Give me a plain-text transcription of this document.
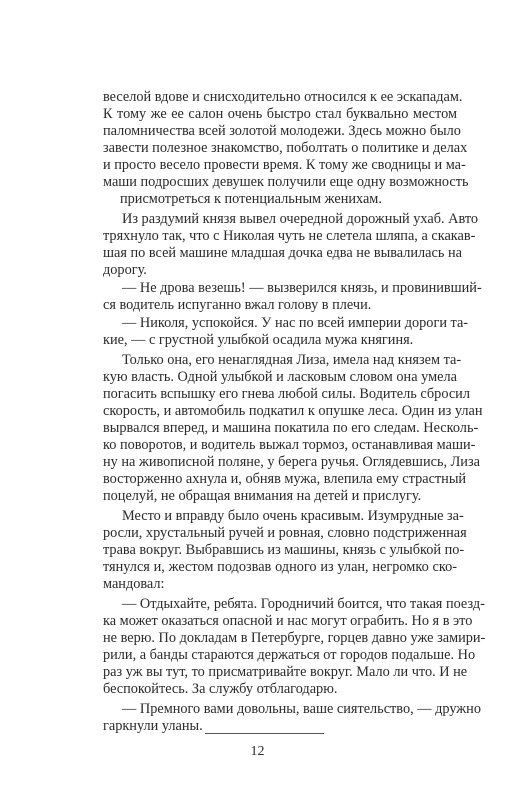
веселой вдове и снисходительно относился к ее эскападам.
К тому же ее салон очень быстро стал буквально местом
паломничества всей золотой молодежи. Здесь можно было
завести полезное знакомство, поболтать о политике и делах
и просто весело провести время. К тому же сводницы и ма-
маши подросших девушек получили еще одну возможность
присмотреться к потенциальным женихам.
Из раздумий князя вывел очередной дорожный ухаб. Авто
тряхнуло так, что с Николая чуть не слетела шляпа, а скакав-
шая по всей машине младшая дочка едва не вывалилась на
дорогу.
— Не дрова везешь! — вызверился князь, и провинивший-
ся водитель испуганно вжал голову в плечи.
— Николя, успокойся. У нас по всей империи дороги та-
кие, — с грустной улыбкой осадила мужа княгиня.
Только она, его ненаглядная Лиза, имела над князем та-
кую власть. Одной улыбкой и ласковым словом она умела
погасить вспышку его гнева любой силы. Водитель сбросил
скорость, и автомобиль подкатил к опушке леса. Один из улан
вырвался вперед, и машина покатила по его следам. Несколь-
ко поворотов, и водитель выжал тормоз, останавливая маши-
ну на живописной поляне, у берега ручья. Оглядевшись, Лиза
восторженно ахнула и, обняв мужа, влепила ему страстный
поцелуй, не обращая внимания на детей и прислугу.
Место и вправду было очень красивым. Изумрудные за-
росли, хрустальный ручей и ровная, словно подстриженная
трава вокруг. Выбравшись из машины, князь с улыбкой по-
тянулся и, жестом подозвав одного из улан, негромко ско-
мандовал:
— Отдыхайте, ребята. Городничий боится, что такая поезд-
ка может оказаться опасной и нас могут ограбить. Но я в это
не верю. По докладам в Петербурге, горцев давно уже замири-
рили, а банды стараются держаться от городов подальше. Но
раз уж вы тут, то присматривайте вокруг. Мало ли что. И не
беспокойтесь. За службу отблагодарю.
— Премного вами довольны, ваше сиятельство, — дружно
гаркнули уланы.
12
